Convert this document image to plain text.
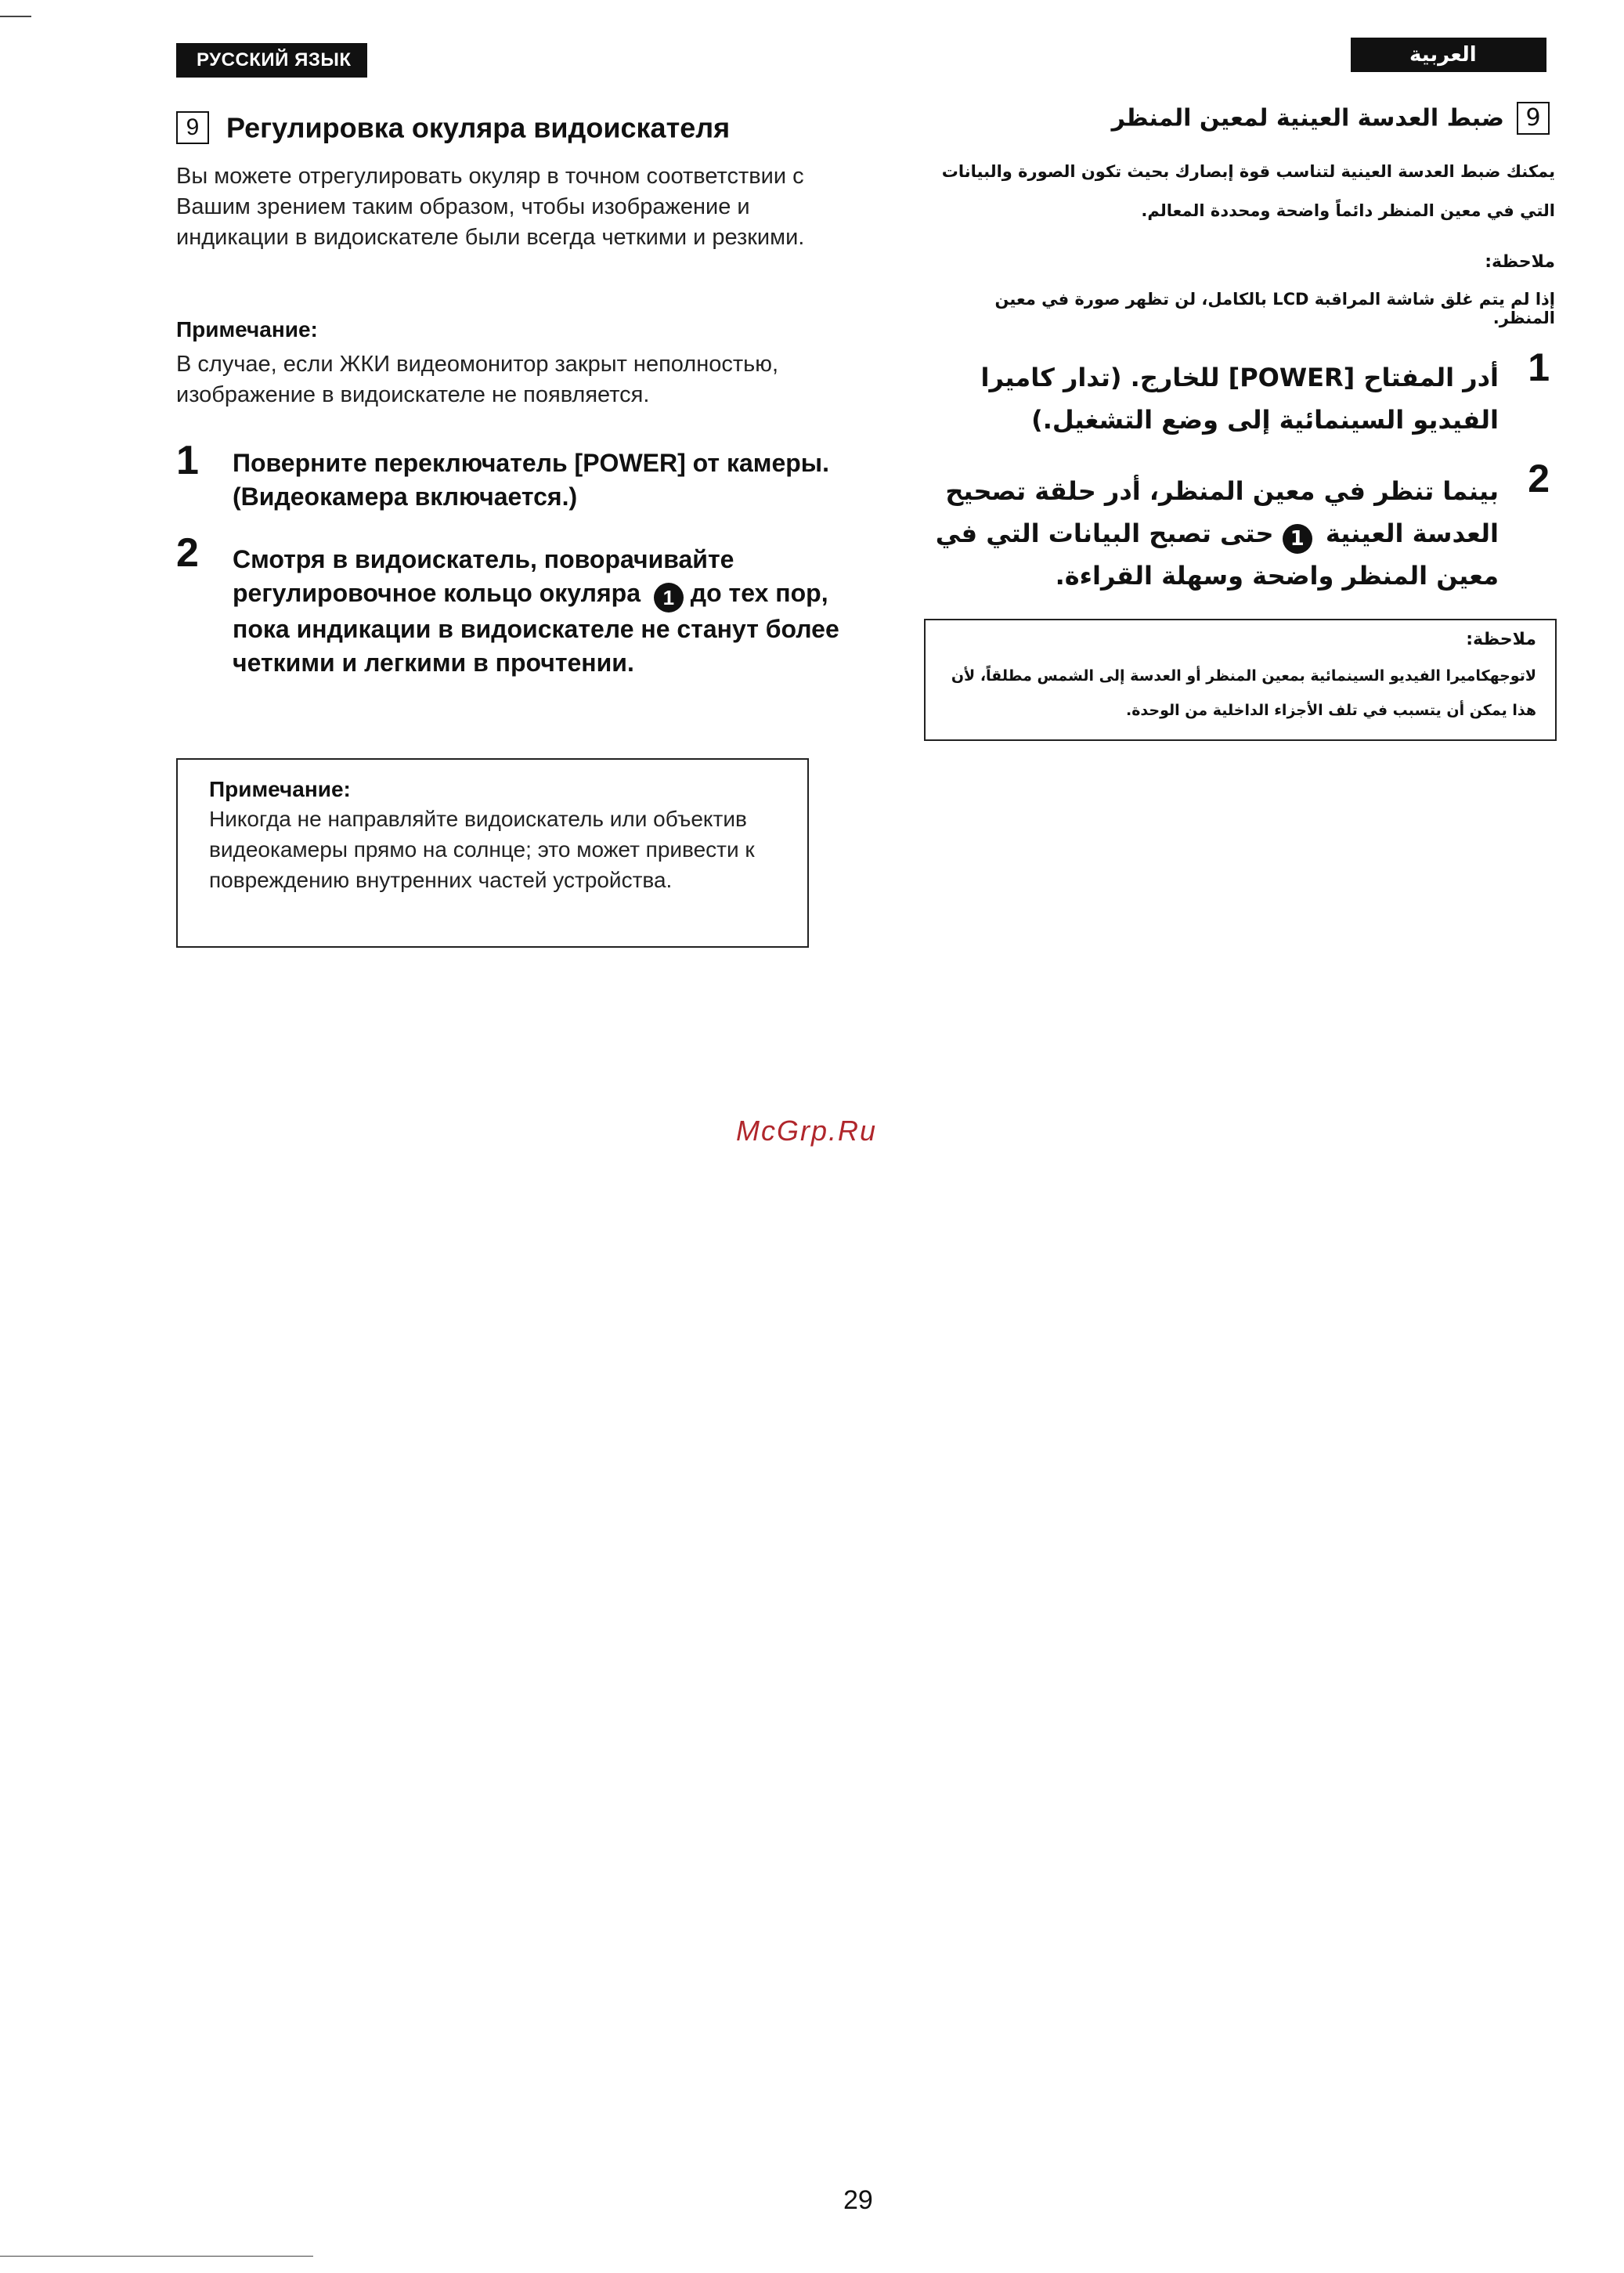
РУССКИЙ ЯЗЫК	العربية
9 Регулировка окуляра видоискателя
Вы можете отрегулировать окуляр в точном соответствии с Вашим зрением таким образом, чтобы изображение и индикации в видоискателе были всегда четкими и резкими.
Примечание:
В случае, если ЖКИ видеомонитор закрыт неполностью, изображение в видоискателе не появляется.
1 Поверните переключатель [POWER] от камеры. (Видеокамера включается.)
2 Смотря в видоискатель, поворачивайте регулировочное кольцо окуляра 1 до тех пор, пока индикации в видоискателе не станут более четкими и легкими в прочтении.
Примечание:
Никогда не направляйте видоискатель или объектив видеокамеры прямо на солнце; это может привести к повреждению внутренних частей устройства.
9ضبط العدسة العينية لمعين المنظر
يمكنك ضبط العدسة العينية لتناسب قوة إبصارك بحيث تكون الصورة والبيانات التي في معين المنظر دائماً واضحة ومحددة المعالم.
ملاحظة:
إذا لم يتم غلق شاشة المراقبة LCD بالكامل، لن تظهر صورة في معين المنظر.
1
أدر المفتاح [POWER] للخارج. (تدار كاميرا الفيديو السينمائية إلى وضع التشغيل.)
2
بينما تنظر في معين المنظر، أدر حلقة تصحيح العدسة العينية 1 حتى تصبح البيانات التي في معين المنظر واضحة وسهلة القراءة.
ملاحظة:
لاتوجهكاميرا الفيديو السينمائية بمعين المنظر أو العدسة إلى الشمس مطلقاً، لأن هذا يمكن أن يتسبب في تلف الأجزاء الداخلية من الوحدة.
McGrp.Ru
29
